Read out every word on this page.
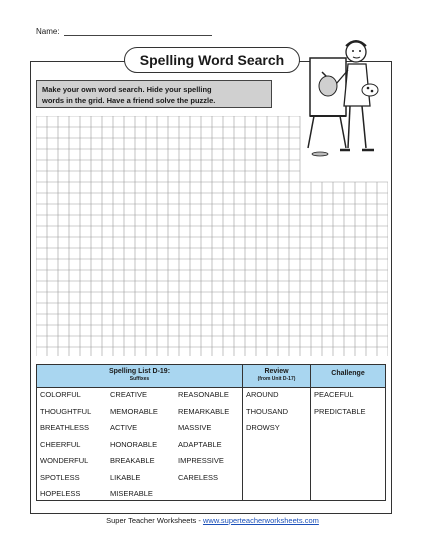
Name:
Spelling Word Search
Make your own word search. Hide your spelling
words in the grid. Have a friend solve the puzzle.
Spelling List D-19:
Suffixes
Review
(from Unit D-17)
Challenge
COLORFUL
THOUGHTFUL
BREATHLESS
CHEERFUL
WONDERFUL
SPOTLESS
HOPELESS
CREATIVE
MEMORABLE
ACTIVE
HONORABLE
BREAKABLE
LIKABLE
MISERABLE
REASONABLE
REMARKABLE
MASSIVE
ADAPTABLE
IMPRESSIVE
CARELESS
AROUND
THOUSAND
DROWSY
PEACEFUL
PREDICTABLE
Super Teacher Worksheets - www.superteacherworksheets.com
